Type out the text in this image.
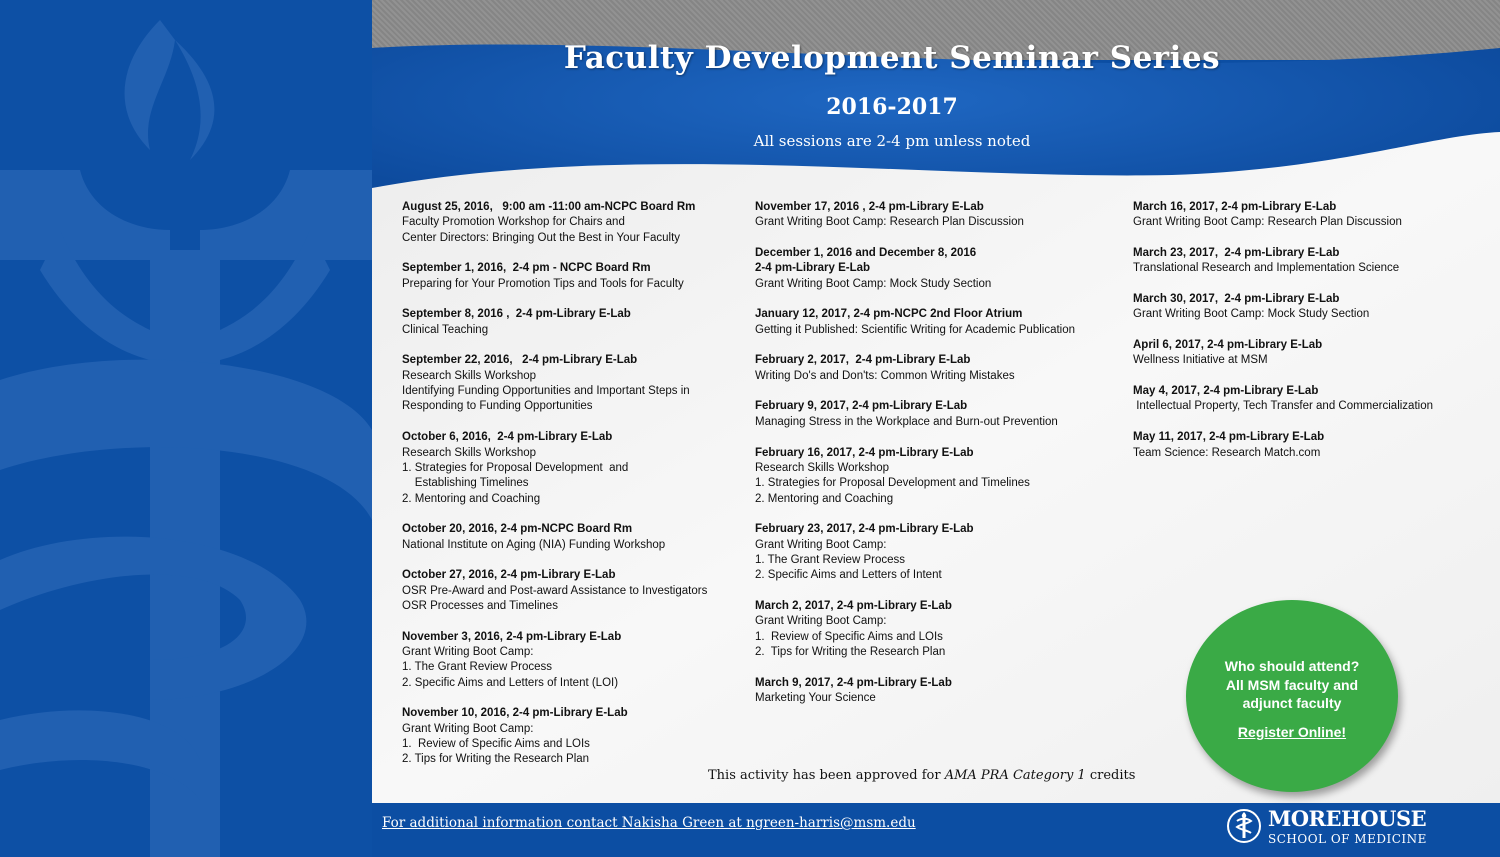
Faculty Development Seminar Series
2016-2017
All sessions are 2-4 pm unless noted
August 25, 2016,   9:00 am -11:00 am-NCPC Board Rm
Faculty Promotion Workshop for Chairs and
Center Directors: Bringing Out the Best in Your Faculty
September 1, 2016,  2-4 pm - NCPC Board Rm
Preparing for Your Promotion Tips and Tools for Faculty
September 8, 2016 ,  2-4 pm-Library E-Lab
Clinical Teaching
September 22, 2016,   2-4 pm-Library E-Lab
Research Skills Workshop
Identifying Funding Opportunities and Important Steps in
Responding to Funding Opportunities
October 6, 2016,  2-4 pm-Library E-Lab
Research Skills Workshop
1. Strategies for Proposal Development  and
Establishing Timelines
2. Mentoring and Coaching
October 20, 2016, 2-4 pm-NCPC Board Rm
National Institute on Aging (NIA) Funding Workshop
October 27, 2016, 2-4 pm-Library E-Lab
OSR Pre-Award and Post-award Assistance to Investigators
OSR Processes and Timelines
November 3, 2016, 2-4 pm-Library E-Lab
Grant Writing Boot Camp:
1. The Grant Review Process
2. Specific Aims and Letters of Intent (LOI)
November 10, 2016, 2-4 pm-Library E-Lab
Grant Writing Boot Camp:
1.  Review of Specific Aims and LOIs
2. Tips for Writing the Research Plan
November 17, 2016 , 2-4 pm-Library E-Lab
Grant Writing Boot Camp: Research Plan Discussion
December 1, 2016 and December 8, 2016
2-4 pm-Library E-Lab
Grant Writing Boot Camp: Mock Study Section
January 12, 2017, 2-4 pm-NCPC 2nd Floor Atrium
Getting it Published: Scientific Writing for Academic Publication
February 2, 2017,  2-4 pm-Library E-Lab
Writing Do's and Don'ts: Common Writing Mistakes
February 9, 2017, 2-4 pm-Library E-Lab
Managing Stress in the Workplace and Burn-out Prevention
February 16, 2017, 2-4 pm-Library E-Lab
Research Skills Workshop
1. Strategies for Proposal Development and Timelines
2. Mentoring and Coaching
February 23, 2017, 2-4 pm-Library E-Lab
Grant Writing Boot Camp:
1. The Grant Review Process
2. Specific Aims and Letters of Intent
March 2, 2017, 2-4 pm-Library E-Lab
Grant Writing Boot Camp:
1.  Review of Specific Aims and LOIs
2.  Tips for Writing the Research Plan
March 9, 2017, 2-4 pm-Library E-Lab
Marketing Your Science
March 16, 2017, 2-4 pm-Library E-Lab
Grant Writing Boot Camp: Research Plan Discussion
March 23, 2017,  2-4 pm-Library E-Lab
Translational Research and Implementation Science
March 30, 2017,  2-4 pm-Library E-Lab
Grant Writing Boot Camp: Mock Study Section
April 6, 2017, 2-4 pm-Library E-Lab
Wellness Initiative at MSM
May 4, 2017, 2-4 pm-Library E-Lab
Intellectual Property, Tech Transfer and Commercialization
May 11, 2017, 2-4 pm-Library E-Lab
Team Science: Research Match.com
This activity has been approved for AMA PRA Category 1 credits
Who should attend?
All MSM faculty and
adjunct faculty
Register Online!
For additional information contact Nakisha Green at ngreen-harris@msm.edu	MOREHOUSE
SCHOOL OF MEDICINE
